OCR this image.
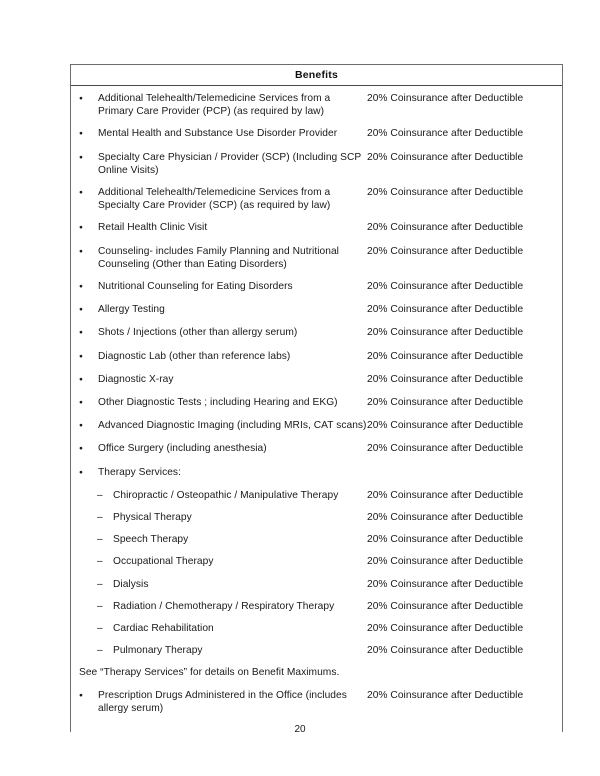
Benefits
●
Additional Telehealth/Telemedicine Services from a Primary Care Provider (PCP) (as required by law)
20% Coinsurance after Deductible
●
Mental Health and Substance Use Disorder Provider	20% Coinsurance after Deductible
●
Specialty Care Physician / Provider (SCP) (Including SCP Online Visits)
20% Coinsurance after Deductible
●
Additional Telehealth/Telemedicine Services from a Specialty Care Provider (SCP) (as required by law)
20% Coinsurance after Deductible
●
Retail Health Clinic Visit	20% Coinsurance after Deductible
●
Counseling- includes Family Planning and Nutritional Counseling (Other than Eating Disorders)
20% Coinsurance after Deductible
●
Nutritional Counseling for Eating Disorders	20% Coinsurance after Deductible
●
Allergy Testing	20% Coinsurance after Deductible
●
Shots / Injections (other than allergy serum)	20% Coinsurance after Deductible
●
Diagnostic Lab (other than reference labs)	20% Coinsurance after Deductible
●
Diagnostic X-ray	20% Coinsurance after Deductible
●
Other Diagnostic Tests ; including Hearing and EKG)	20% Coinsurance after Deductible
●
Advanced Diagnostic Imaging (including MRIs, CAT scans) 20% Coinsurance after Deductible
●
Office Surgery (including anesthesia)	20% Coinsurance after Deductible
●
Therapy Services:
–
Chiropractic / Osteopathic / Manipulative Therapy	20% Coinsurance after Deductible
–
Physical Therapy	20% Coinsurance after Deductible
–
Speech Therapy	20% Coinsurance after Deductible
–
Occupational Therapy	20% Coinsurance after Deductible
–
Dialysis	20% Coinsurance after Deductible
–
Radiation / Chemotherapy / Respiratory Therapy	20% Coinsurance after Deductible
–
Cardiac Rehabilitation	20% Coinsurance after Deductible
–
Pulmonary Therapy	20% Coinsurance after Deductible
See “Therapy Services” for details on Benefit Maximums.
●
Prescription Drugs Administered in the Office (includes allergy serum)
20% Coinsurance after Deductible
20
